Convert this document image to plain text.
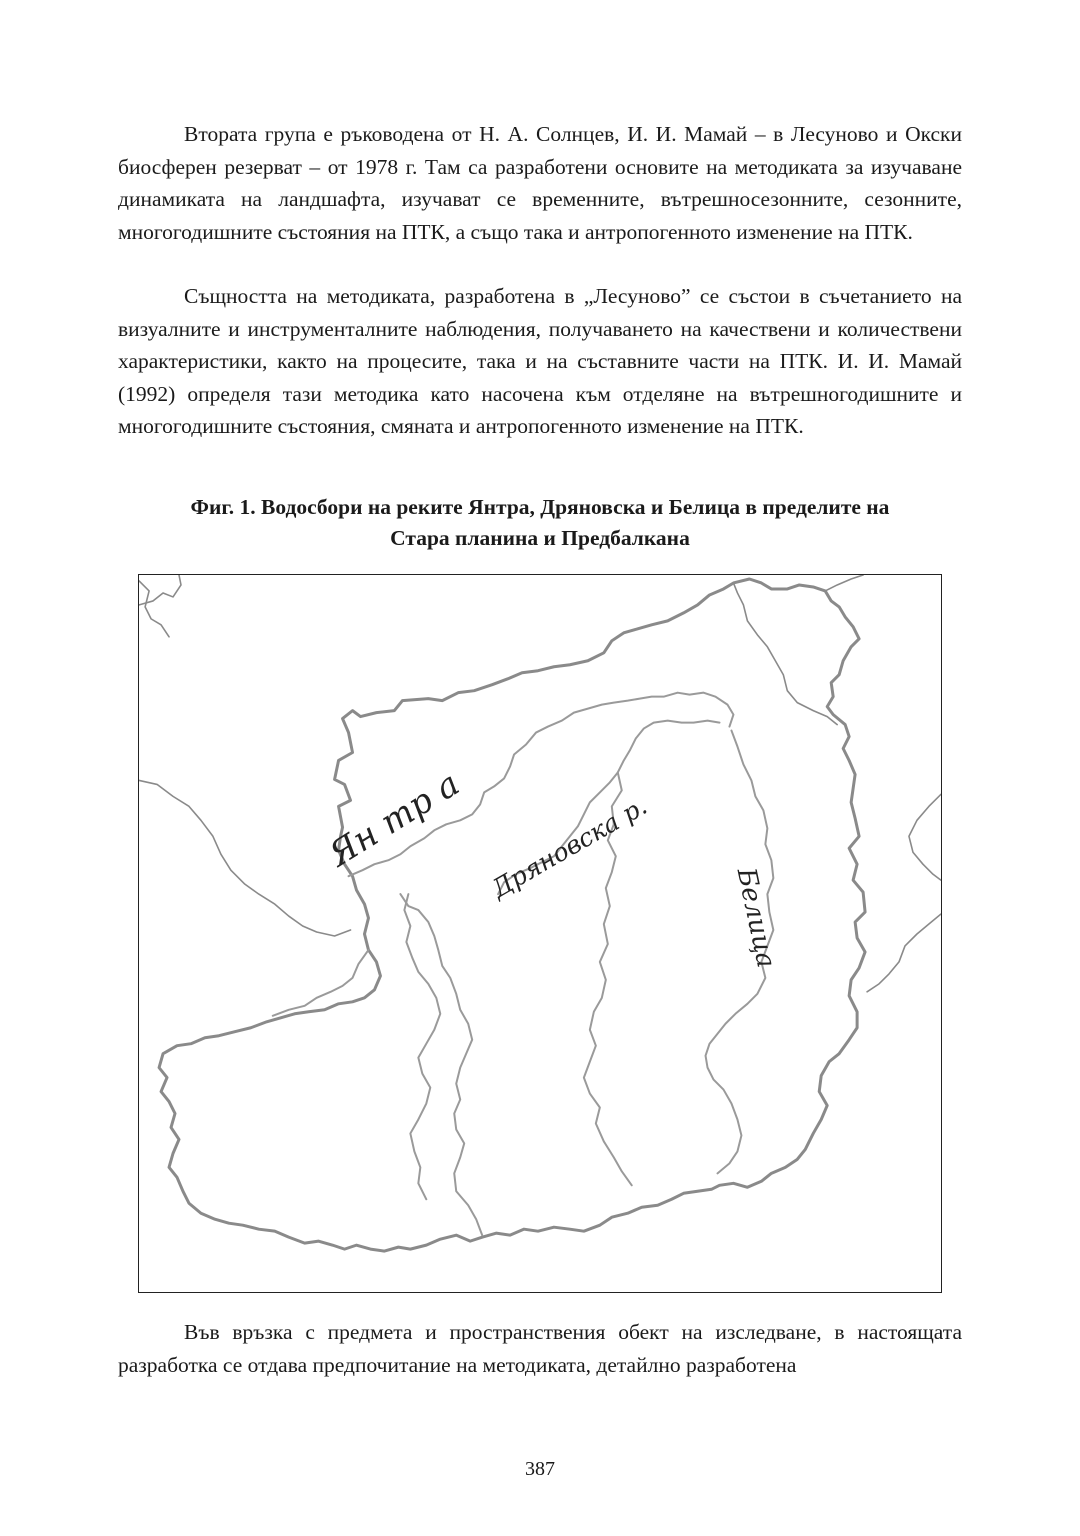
Втората група е ръководена от Н. А. Солнцев, И. И. Мамай – в Лесуново и Окски биосферен резерват – от 1978 г. Там са разработени основите на методиката за изучаване динамиката на ландшафта, изучават се временните, вътрешносезонните, сезонните, многогодишните състояния на ПТК, а също така и антропогенното изменение на ПТК.

Същността на методиката, разработена в „Лесуново” се състои в съчетанието на визуалните и инструменталните наблюдения, получаването на качествени и количествени характеристики, както на процесите, така и на съставните части на ПТК. И. И. Мамай (1992) определя тази методика като насочена към отделяне на вътрешногодишните и многогодишните състояния, смяната и антропогенното изменение на ПТК.

Фиг. 1. Водосбори на реките Янтра, Дряновска и Белица в пределите на
Стара планина и Предбалкана
Ян тр а Дряновска р.
Белица

Във връзка с предмета и пространствения обект на изследване, в настоящата разработка се отдава предпочитание на методиката, детайлно разработена

387
